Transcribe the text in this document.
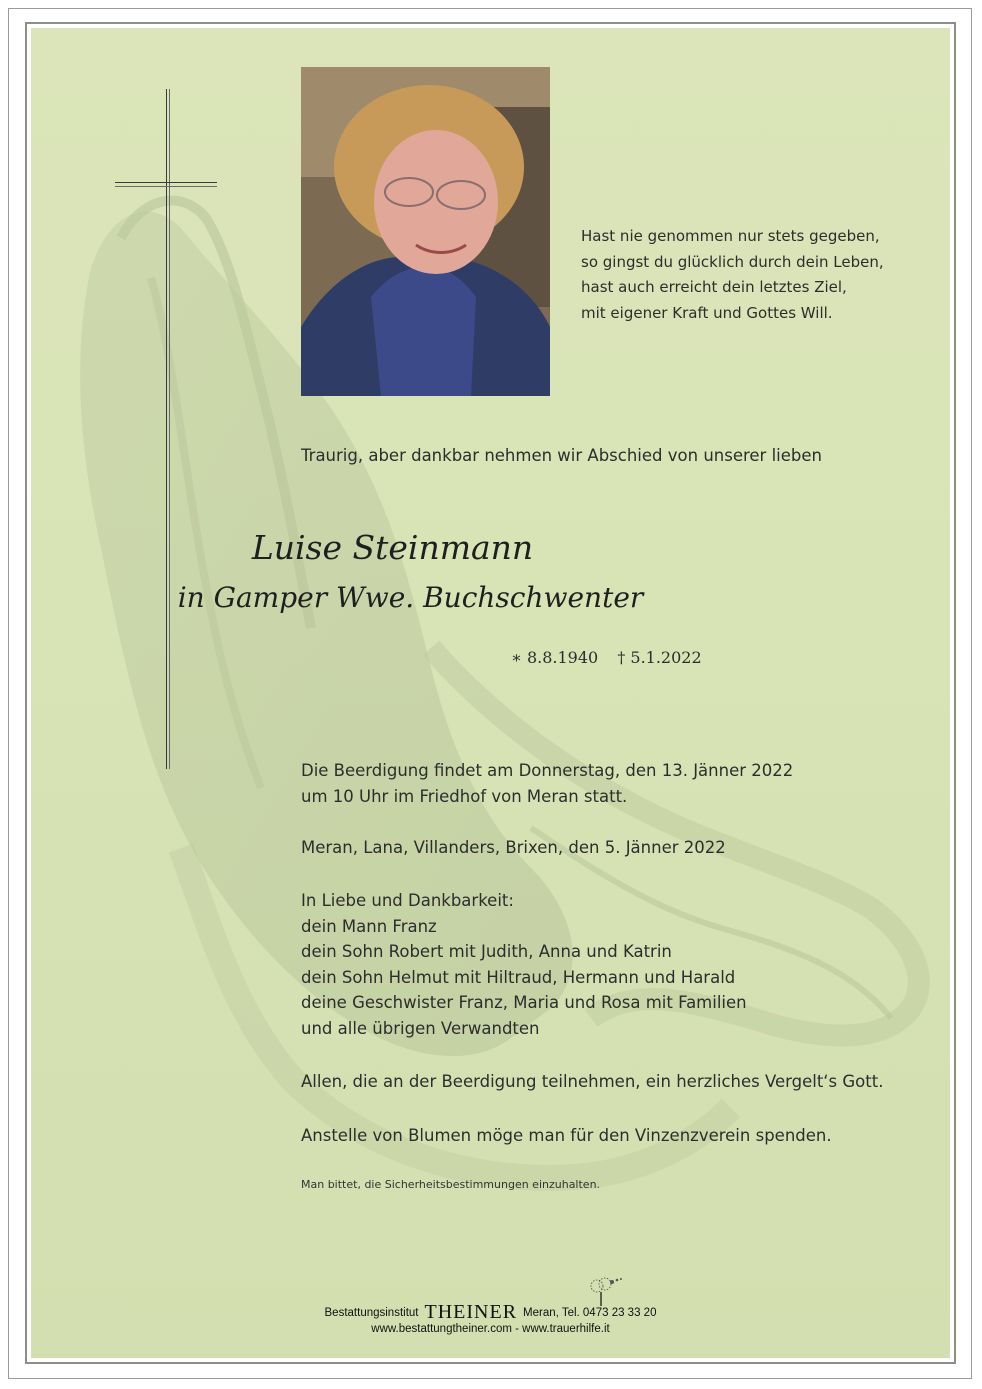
Hast nie genommen nur stets gegeben,
so gingst du glücklich durch dein Leben,
hast auch erreicht dein letztes Ziel,
mit eigener Kraft und Gottes Will.
Traurig, aber dankbar nehmen wir Abschied von unserer lieben
Luise Steinmann
in Gamper Wwe. Buchschwenter
∗ 8.8.1940 † 5.1.2022
Die Beerdigung findet am Donnerstag, den 13. Jänner 2022
um 10 Uhr im Friedhof von Meran statt.
Meran, Lana, Villanders, Brixen, den 5. Jänner 2022
In Liebe und Dankbarkeit:
dein Mann Franz
dein Sohn Robert mit Judith, Anna und Katrin
dein Sohn Helmut mit Hiltraud, Hermann und Harald
deine Geschwister Franz, Maria und Rosa mit Familien
und alle übrigen Verwandten
Allen, die an der Beerdigung teilnehmen, ein herzliches Vergelt‘s Gott.
Anstelle von Blumen möge man für den Vinzenzverein spenden.
Man bittet, die Sicherheitsbestimmungen einzuhalten.
Bestattungsinstitut THEINER Meran, Tel. 0473 23 33 20
www.bestattungtheiner.com - www.trauerhilfe.it
